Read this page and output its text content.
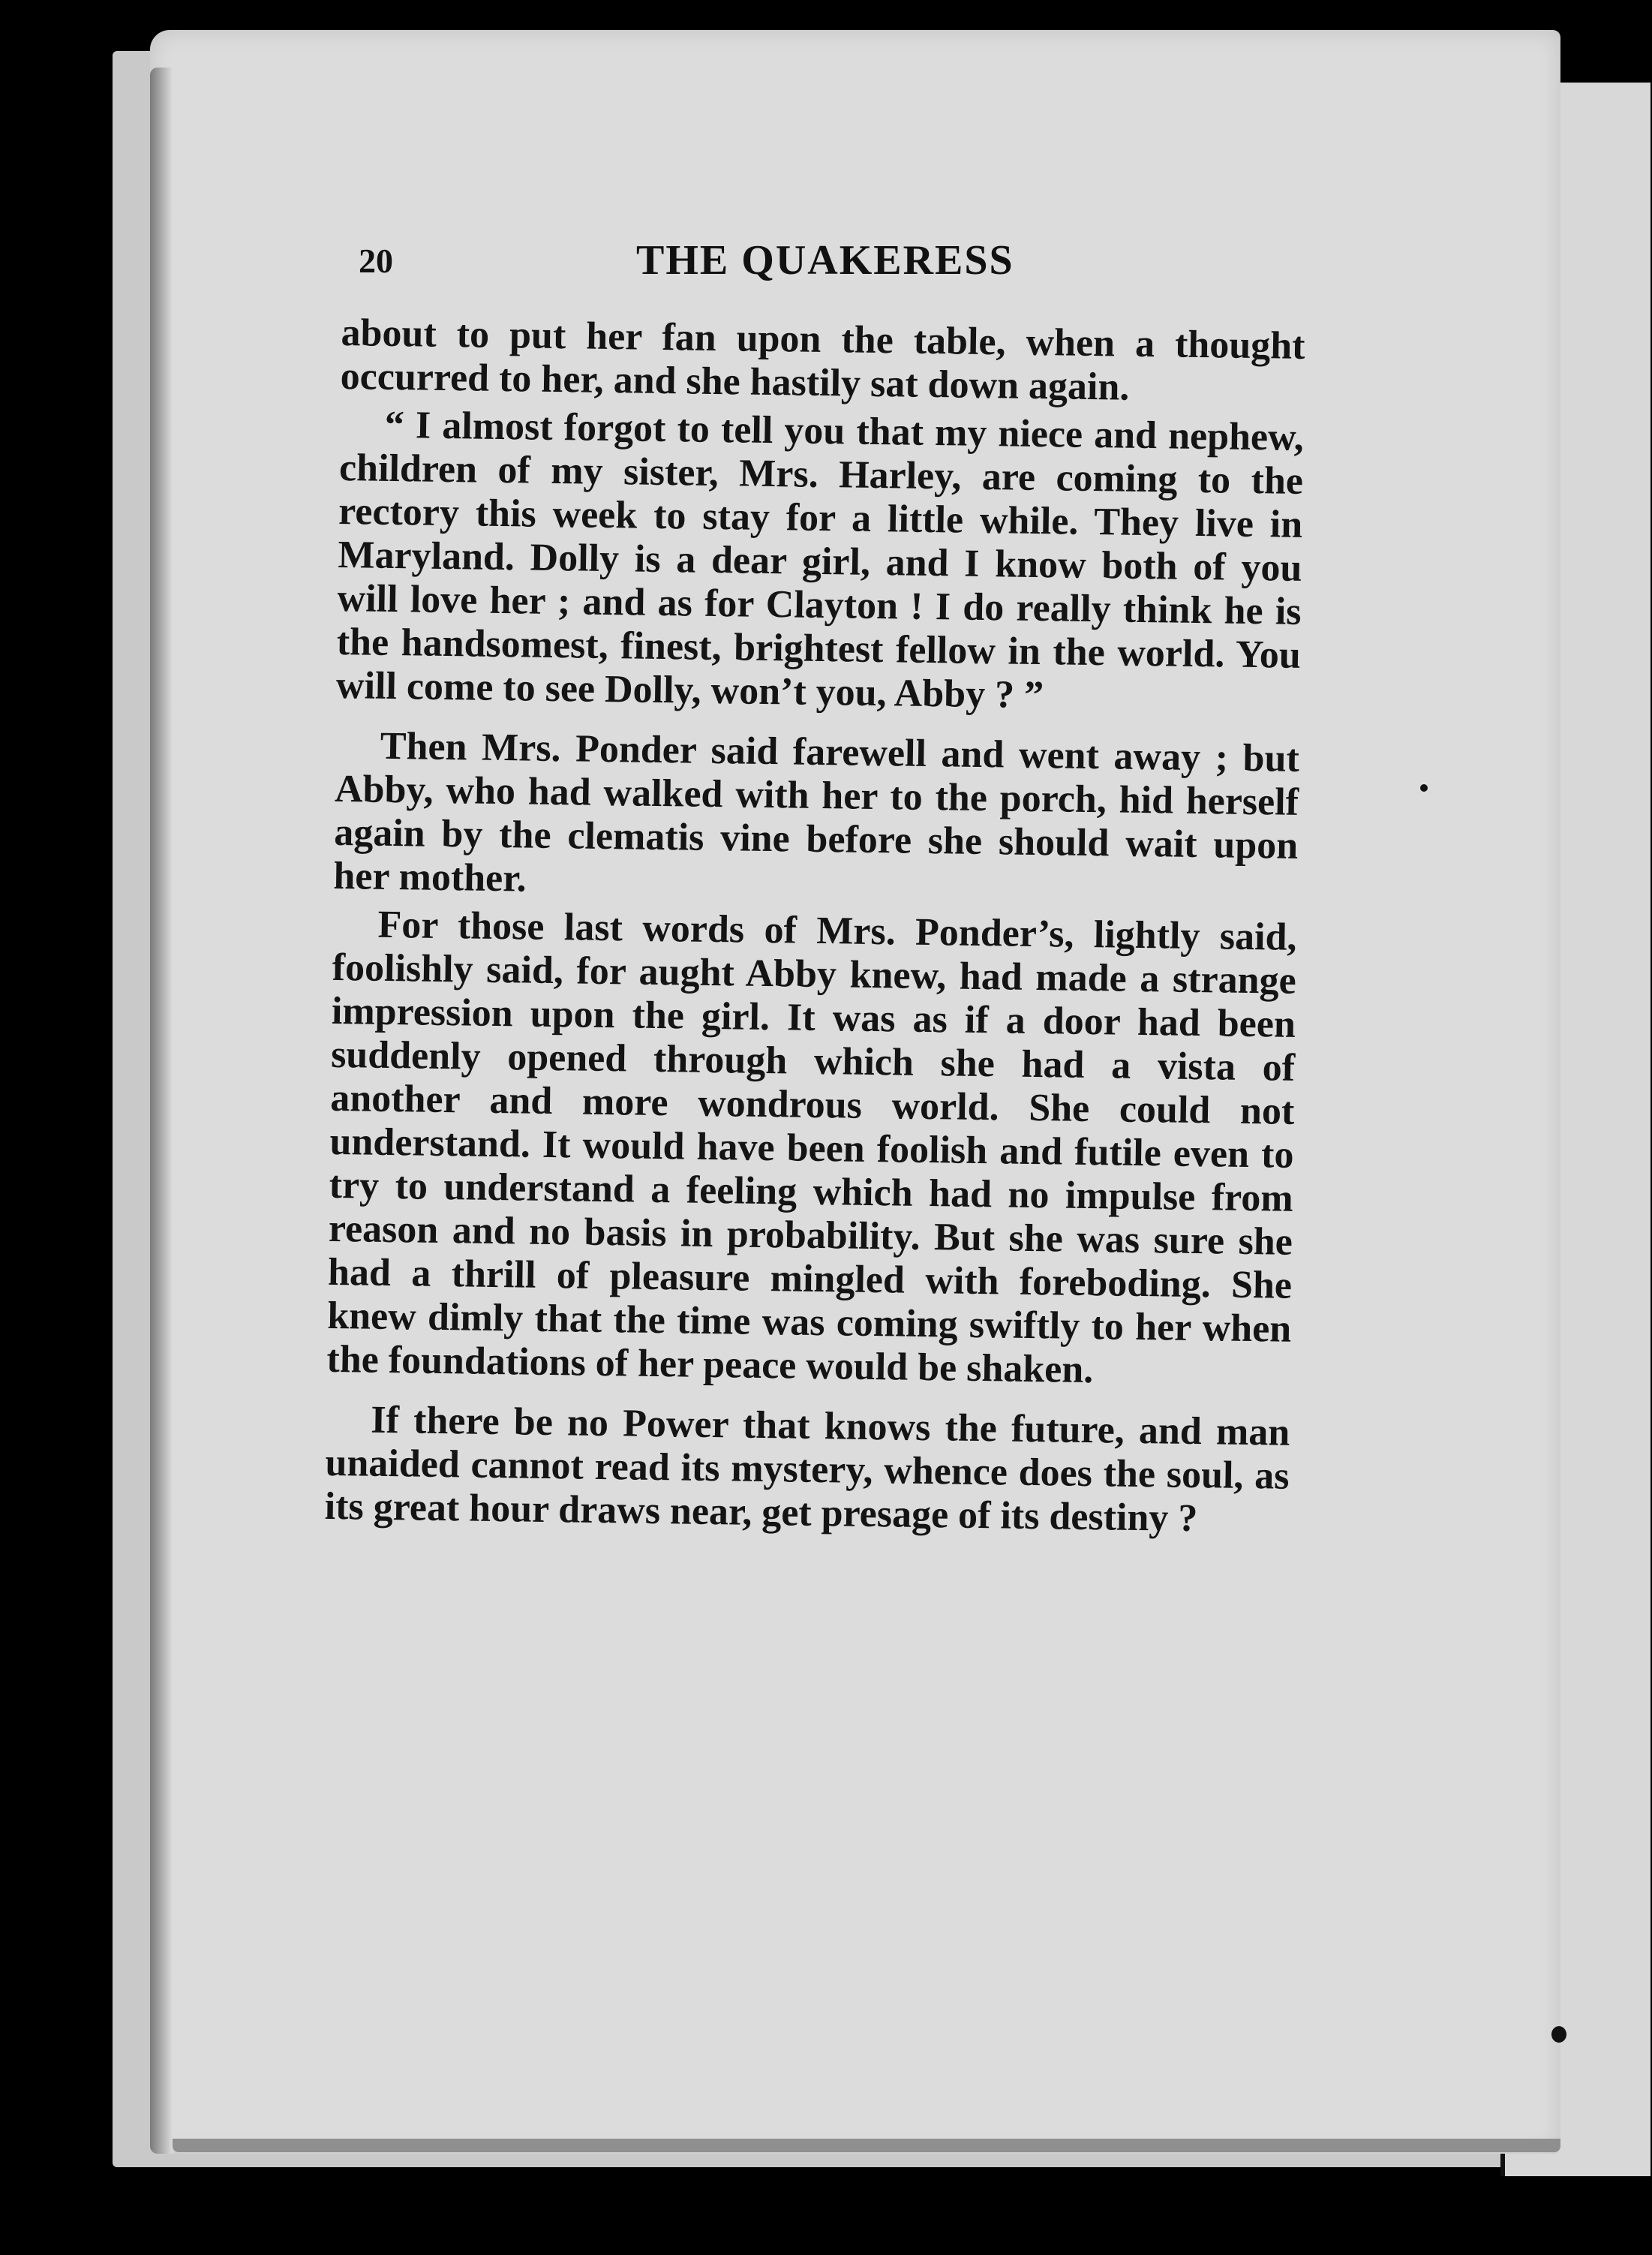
20	THE QUAKERESS

about to put her fan upon the table, when a thought occurred to her, and she hastily sat down again.

“ I almost forgot to tell you that my niece and nephew, children of my sister, Mrs. Harley, are coming to the rectory this week to stay for a little while. They live in Maryland. Dolly is a dear girl, and I know both of you will love her ; and as for Clayton ! I do really think he is the handsomest, finest, brightest fellow in the world. You will come to see Dolly, won’t you, Abby ? ”

Then Mrs. Ponder said farewell and went away ; but Abby, who had walked with her to the porch, hid herself again by the clematis vine before she should wait upon her mother.

For those last words of Mrs. Ponder’s, lightly said, foolishly said, for aught Abby knew, had made a strange impression upon the girl. It was as if a door had been suddenly opened through which she had a vista of another and more wondrous world. She could not understand. It would have been foolish and futile even to try to understand a feeling which had no impulse from reason and no basis in probability. But she was sure she had a thrill of pleasure mingled with foreboding. She knew dimly that the time was coming swiftly to her when the foundations of her peace would be shaken.

If there be no Power that knows the future, and man unaided cannot read its mystery, whence does the soul, as its great hour draws near, get presage of its destiny ?
